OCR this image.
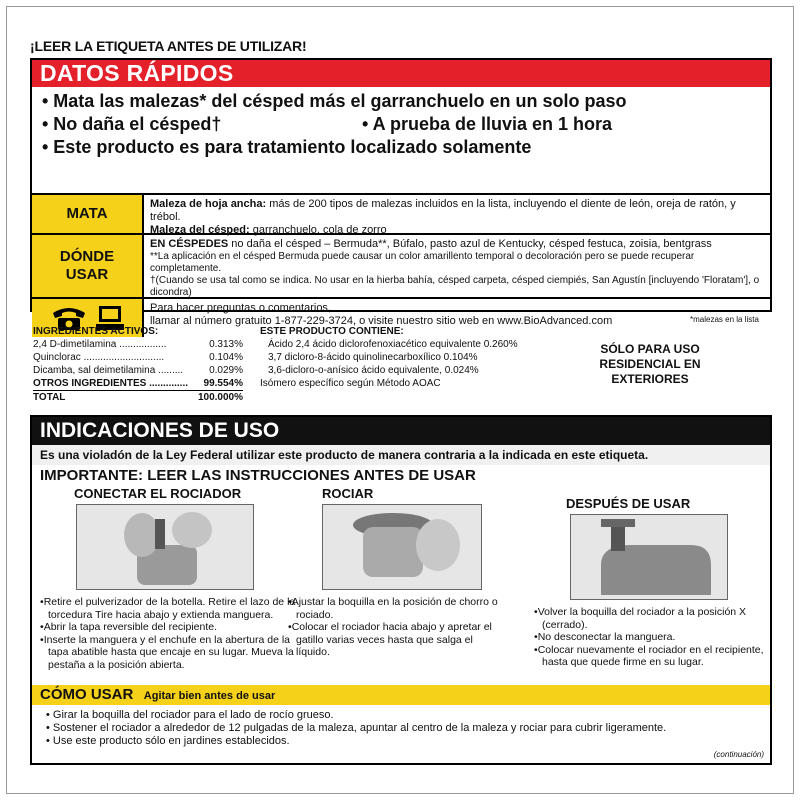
¡LEER LA ETIQUETA ANTES DE UTILIZAR!
DATOS RÁPIDOS
• Mata las malezas* del césped más el garranchuelo en un solo paso
• No daña el césped†	• A prueba de lluvia en 1 hora
• Este producto es para tratamiento localizado solamente
MATA
Maleza de hoja ancha: más de 200 tipos de malezas incluidos en la lista, incluyendo el diente de león, oreja de ratón, y trébol.
Maleza del césped: garranchuelo, cola de zorro
DÓNDE
USAR
EN CÉSPEDES no daña el césped – Bermuda**, Búfalo, pasto azul de Kentucky, césped festuca, zoisia, bentgrass
**La aplicación en el césped Bermuda puede causar un color amarillento temporal o decoloración pero se puede recuperar completamente.
†(Cuando se usa tal como se indica. No usar en la hierba bahía, césped carpeta, césped ciempiés, San Agustín [incluyendo 'Floratam'], o dicondra)
Para hacer preguntas o comentarios,
llamar al número gratuito 1-877-229-3724, o visite nuestro sitio web en www.BioAdvanced.com	*malezas en la lista
INGREDIENTES ACTIVOS:
2,4 D-dimetilamina .................	0.313%
Quinclorac .............................	0.104%
Dicamba, sal deimetilamina .........	0.029%
OTROS INGREDIENTES .............. 99.554%
TOTAL	100.000%
ESTE PRODUCTO CONTIENE:
Ácido 2,4 ácido diclorofenoxiacético equivalente 0.260%
3,7 dicloro-8-ácido quinolinecarboxílico 0.104%
3,6-dicloro-o-anísico ácido equivalente, 0.024%
Isómero específico según Método AOAC
SÓLO PARA USO RESIDENCIAL EN EXTERIORES
INDICACIONES DE USO
Es una violadón de la Ley Federal utilizar este producto de manera contraria a la indicada en este etiqueta.
IMPORTANTE: LEER LAS INSTRUCCIONES ANTES DE USAR
CONECTAR EL ROCIADOR
• Retire el pulverizador de la botella. Retire el lazo de la torcedura Tire hacia abajo y extienda manguera.
• Abrir la tapa reversible del recipiente.
• Inserte la manguera y el enchufe en la abertura de la tapa abatible hasta que encaje en su lugar. Mueva la pestaña a la posición abierta.
ROCIAR
• Ajustar la boquilla en la posición de chorro o rociado.
• Colocar el rociador hacia abajo y apretar el gatillo varias veces hasta que salga el líquido.
DESPUÉS DE USAR
• Volver la boquilla del rociador a la posición X (cerrado).
• No desconectar la manguera.
• Colocar nuevamente el rociador en el recipiente, hasta que quede firme en su lugar.
CÓMO USAR Agitar bien antes de usar
• Girar la boquilla del rociador para el lado de rocío grueso.
• Sostener el rociador a alrededor de 12 pulgadas de la maleza, apuntar al centro de la maleza y rociar para cubrir ligeramente.
• Use este producto sólo en jardines establecidos.
(continuación)
